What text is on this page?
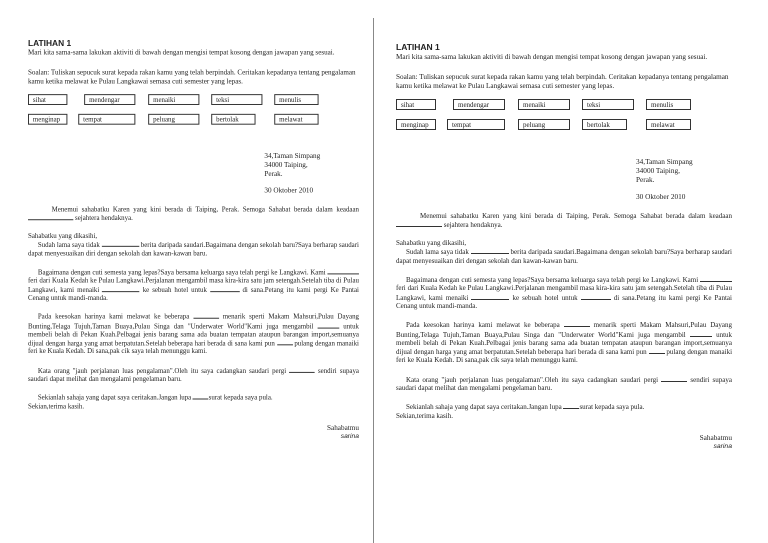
LATIHAN 1

Mari kita sama-sama lakukan aktiviti di bawah dengan mengisi tempat kosong dengan jawapan yang sesuai.

Soalan: Tuliskan sepucuk surat kepada rakan kamu yang telah berpindah. Ceritakan kepadanya tentang pengalaman kamu ketika melawat ke Pulau Langkawai semasa cuti semester yang lepas.

sihat	mendengar	menaiki	teksi	menulis
menginap	tempat	peluang	bertolak	melawat
34,Taman Simpang
34000 Taiping,
Perak.
30 Oktober 2010

Menemui sahabatku Karen yang kini berada di Taiping, Perak. Semoga Sahabat berada dalam keadaan  sejahtera hendaknya.

Sahabatku yang dikasihi,

Sudah lama saya tidak	berita daripada saudari.Bagaimana dengan sekolah baru?Saya berharap saudari dapat menyesuaikan diri dengan sekolah dan kawan-kawan baru.

Bagaimana dengan cuti semesta yang lepas?Saya bersama keluarga saya telah pergi ke Langkawi. Kami  feri dari Kuala Kedah ke Pulau Langkawi.Perjalanan mengambil masa kira-kira satu jam setengah.Setelah tiba di Pulau Langkawi, kami menaiki	ke sebuah hotel untuk	di sana.Petang itu kami pergi Ke Pantai Cenang untuk mandi-manda.

Pada keesokan harinya kami melawat ke beberapa	menarik sperti Makam Mahsuri,Pulau Dayang Bunting,Telaga Tujuh,Taman Buaya,Pulau Singa dan "Underwater World"Kami juga mengambil	untuk membeli belah di Pekan Kuah.Pelbagai jenis barang sama ada buatan tempatan ataupun barangan import,semuanya dijual dengan harga yang amat berpatutan.Setelah beberapa hari berada di sana kami pun	pulang dengan manaiki feri ke Kuala Kedah. Di sana,pak cik saya telah menunggu kami.

Kata orang "jauh perjalanan luas pengalaman".Oleh itu saya cadangkan saudari pergi	sendiri supaya saudari dapat melihat dan mengalami pengelaman baru.

Sekianlah sahaja yang dapat saya ceritakan.Jangan lupa surat kepada saya pula.

Sekian,terima kasih.

Sahabatmu
sarina

LATIHAN 1

Mari kita sama-sama lakukan aktiviti di bawah dengan mengisi tempat kosong dengan jawapan yang sesuai.

Soalan: Tuliskan sepucuk surat kepada rakan kamu yang telah berpindah. Ceritakan kepadanya tentang pengalaman kamu ketika melawat ke Pulau Langkawai semasa cuti semester yang lepas.

sihat	mendengar	menaiki	teksi	menulis
menginap	tempat	peluang	bertolak	melawat
34,Taman Simpang
34000 Taiping,
Perak.
30 Oktober 2010

Menemui sahabatku Karen yang kini berada di Taiping, Perak. Semoga Sahabat berada dalam keadaan  sejahtera hendaknya.

Sahabatku yang dikasihi,

Sudah lama saya tidak	berita daripada saudari.Bagaimana dengan sekolah baru?Saya berharap saudari dapat menyesuaikan diri dengan sekolah dan kawan-kawan baru.

Bagaimana dengan cuti semesta yang lepas?Saya bersama keluarga saya telah pergi ke Langkawi. Kami  feri dari Kuala Kedah ke Pulau Langkawi.Perjalanan mengambil masa kira-kira satu jam setengah.Setelah tiba di Pulau Langkawi, kami menaiki	ke sebuah hotel untuk	di sana.Petang itu kami pergi Ke Pantai Cenang untuk mandi-manda.

Pada keesokan harinya kami melawat ke beberapa	menarik sperti Makam Mahsuri,Pulau Dayang Bunting,Telaga Tujuh,Taman Buaya,Pulau Singa dan "Underwater World"Kami juga mengambil	untuk membeli belah di Pekan Kuah.Pelbagai jenis barang sama ada buatan tempatan ataupun barangan import,semuanya dijual dengan harga yang amat berpatutan.Setelah beberapa hari berada di sana kami pun	pulang dengan manaiki feri ke Kuala Kedah. Di sana,pak cik saya telah menunggu kami.

Kata orang "jauh perjalanan luas pengalaman".Oleh itu saya cadangkan saudari pergi	sendiri supaya saudari dapat melihat dan mengalami pengelaman baru.

Sekianlah sahaja yang dapat saya ceritakan.Jangan lupa	surat kepada saya pula.

Sekian,terima kasih.

Sahabatmu
sarina
